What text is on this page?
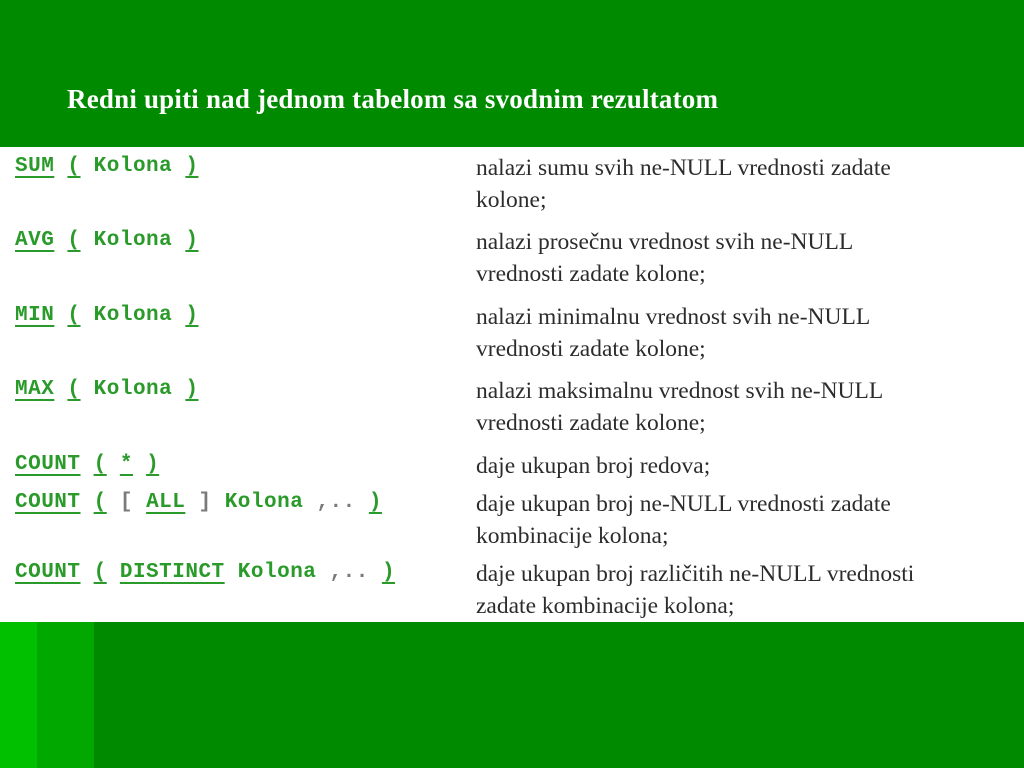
Redni upiti nad jednom tabelom sa svodnim rezultatom
SUM ( Kolona )	nalazi sumu svih ne-NULL vrednosti zadate
kolone;
AVG ( Kolona )	nalazi prosečnu vrednost svih ne-NULL
vrednosti zadate kolone;
MIN ( Kolona )	nalazi minimalnu vrednost svih ne-NULL
vrednosti zadate kolone;
MAX ( Kolona )	nalazi maksimalnu vrednost svih ne-NULL
vrednosti zadate kolone;
COUNT ( * )	daje ukupan broj redova;
COUNT ( [ ALL ] Kolona ,.. )	daje ukupan broj ne-NULL vrednosti zadate
kombinacije kolona;
COUNT ( DISTINCT Kolona ,.. )	daje ukupan broj različitih ne-NULL vrednosti
zadate kombinacije kolona;
